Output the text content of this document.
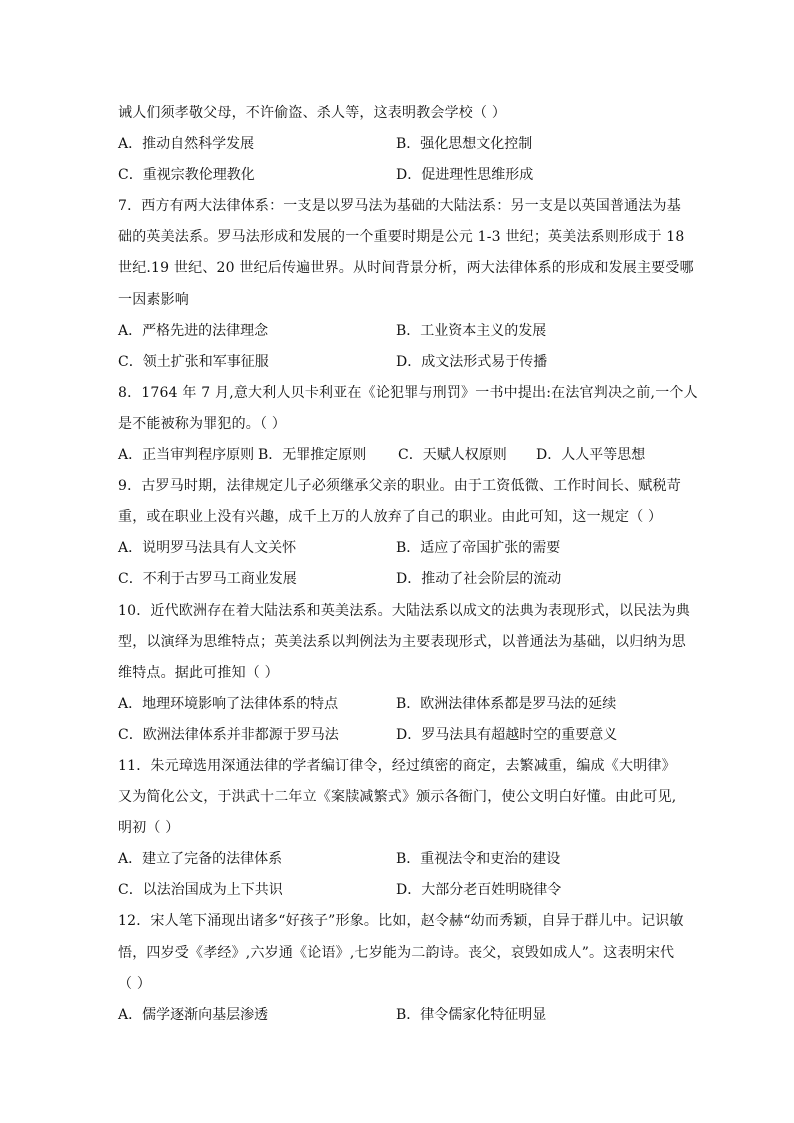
诫人们须孝敬父母，不许偷盗、杀人等，这表明教会学校（ ）
A．推动自然科学发展	B．强化思想文化控制
C．重视宗教伦理教化	D．促进理性思维形成
7．西方有两大法律体系：一支是以罗马法为基础的大陆法系：另一支是以英国普通法为基
础的英美法系。罗马法形成和发展的一个重要时期是公元 1-3 世纪；英美法系则形成于 18
世纪.19 世纪、20 世纪后传遍世界。从时间背景分析，两大法律体系的形成和发展主要受哪
一因素影响
A．严格先进的法律理念	B．工业资本主义的发展
C．领土扩张和军事征服	D．成文法形式易于传播
8．1764 年 7 月,意大利人贝卡利亚在《论犯罪与刑罚》一书中提出:在法官判决之前,一个人
是不能被称为罪犯的。（ ）
A．正当审判程序原则 B．无罪推定原则	C．天赋人权原则	D．人人平等思想
9．古罗马时期，法律规定儿子必须继承父亲的职业。由于工资低微、工作时间长、赋税苛
重，或在职业上没有兴趣，成千上万的人放弃了自己的职业。由此可知，这一规定（ ）
A．说明罗马法具有人文关怀	B．适应了帝国扩张的需要
C．不利于古罗马工商业发展	D．推动了社会阶层的流动
10．近代欧洲存在着大陆法系和英美法系。大陆法系以成文的法典为表现形式，以民法为典
型，以演绎为思维特点；英美法系以判例法为主要表现形式，以普通法为基础，以归纳为思
维特点。据此可推知（ ）
A．地理环境影响了法律体系的特点	B．欧洲法律体系都是罗马法的延续
C．欧洲法律体系并非都源于罗马法	D．罗马法具有超越时空的重要意义
11．朱元璋选用深通法律的学者编订律令，经过缜密的商定，去繁减重，编成《大明律》
又为简化公文，于洪武十二年立《案牍减繁式》颁示各衙门，使公文明白好懂。由此可见,
明初（ ）
A．建立了完备的法律体系	B．重视法令和吏治的建设
C．以法治国成为上下共识	D．大部分老百姓明晓律令
12．宋人笔下涌现出诸多“好孩子”形象。比如，赵令赫“幼而秀颖，自异于群儿中。记识敏
悟，四岁受《孝经》,六岁通《论语》,七岁能为二韵诗。丧父，哀毁如成人”。这表明宋代
（ ）
A．儒学逐渐向基层渗透	B．律令儒家化特征明显
